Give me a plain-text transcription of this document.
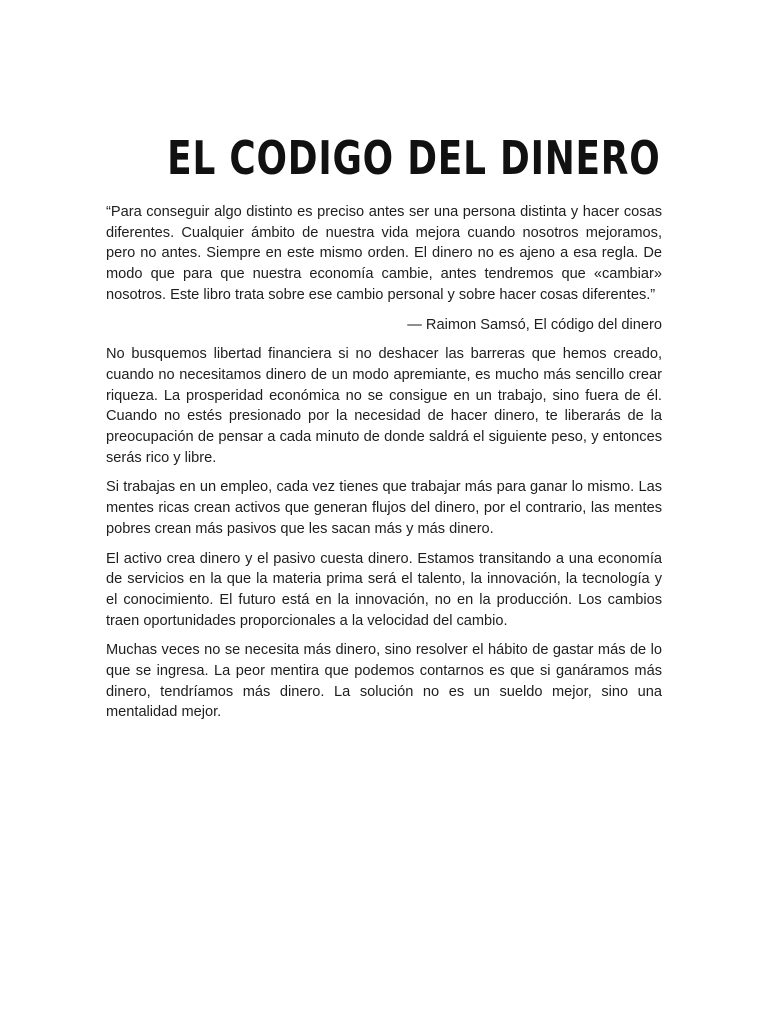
EL CODIGO DEL DINERO

“Para conseguir algo distinto es preciso antes ser una persona distinta y hacer cosas diferentes. Cualquier ámbito de nuestra vida mejora cuando nosotros mejoramos, pero no antes. Siempre en este mismo orden. El dinero no es ajeno a esa regla. De modo que para que nuestra economía cambie, antes tendremos que «cambiar» nosotros. Este libro trata sobre ese cambio personal y sobre hacer cosas diferentes.”

— Raimon Samsó, El código del dinero

No busquemos libertad financiera si no deshacer las barreras que hemos creado, cuando no necesitamos dinero de un modo apremiante, es mucho más sencillo crear riqueza. La prosperidad económica no se consigue en un trabajo, sino fuera de él. Cuando no estés presionado por la necesidad de hacer dinero, te liberarás de la preocupación de pensar a cada minuto de donde saldrá el siguiente peso, y entonces serás rico y libre.

Si trabajas en un empleo, cada vez tienes que trabajar más para ganar lo mismo. Las mentes ricas crean activos que generan flujos del dinero, por el contrario, las mentes pobres crean más pasivos que les sacan más y más dinero.

El activo crea dinero y el pasivo cuesta dinero. Estamos transitando a una economía de servicios en la que la materia prima será el talento, la innovación, la tecnología y el conocimiento. El futuro está en la innovación, no en la producción. Los cambios traen oportunidades proporcionales a la velocidad del cambio.

Muchas veces no se necesita más dinero, sino resolver el hábito de gastar más de lo que se ingresa. La peor mentira que podemos contarnos es que si ganáramos más dinero, tendríamos más dinero. La solución no es un sueldo mejor, sino una mentalidad mejor.
